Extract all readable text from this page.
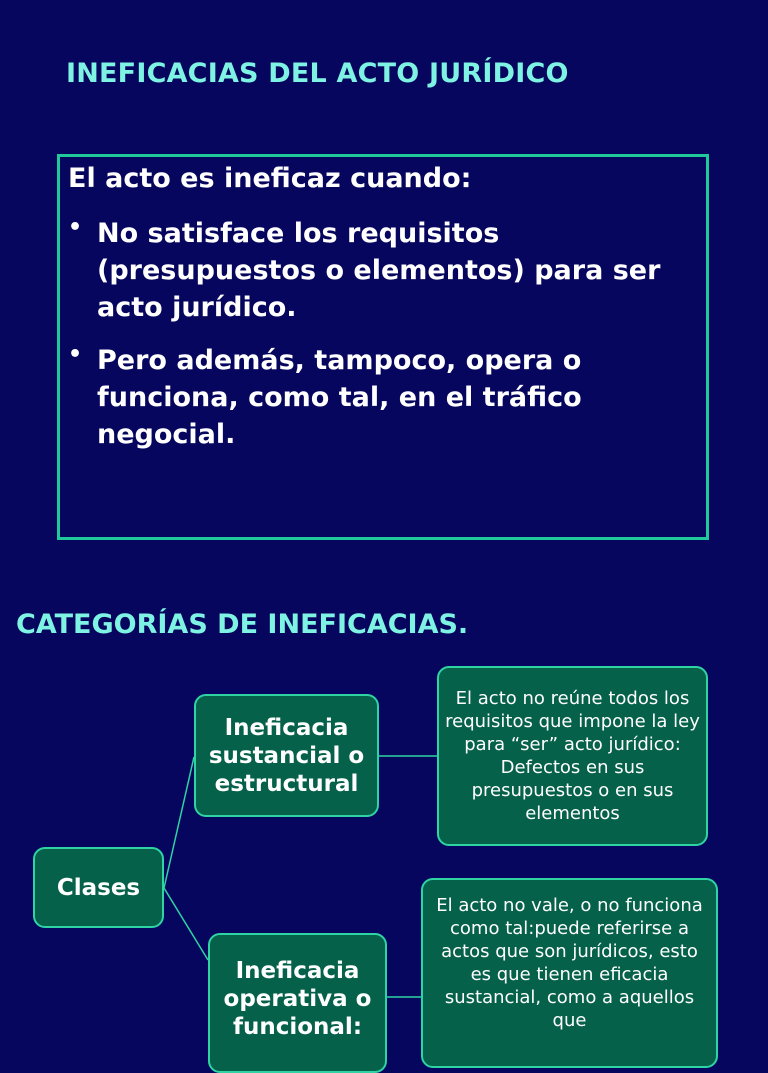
INEFICACIAS DEL ACTO JURÍDICO
El acto es ineficaz cuando:
• No satisface los requisitos (presupuestos o elementos) para ser acto jurídico.
• Pero además, tampoco, opera o funciona, como tal, en el tráfico negocial.
CATEGORÍAS DE INEFICACIAS.
Clases
Ineficacia sustancial o estructural
El acto no reúne todos los requisitos que impone la ley para “ser” acto jurídico: Defectos en sus presupuestos o en sus elementos
Ineficacia operativa o funcional:
El acto no vale, o no funciona como tal:puede referirse a actos que son jurídicos, esto es que tienen eficacia sustancial, como a aquellos que
